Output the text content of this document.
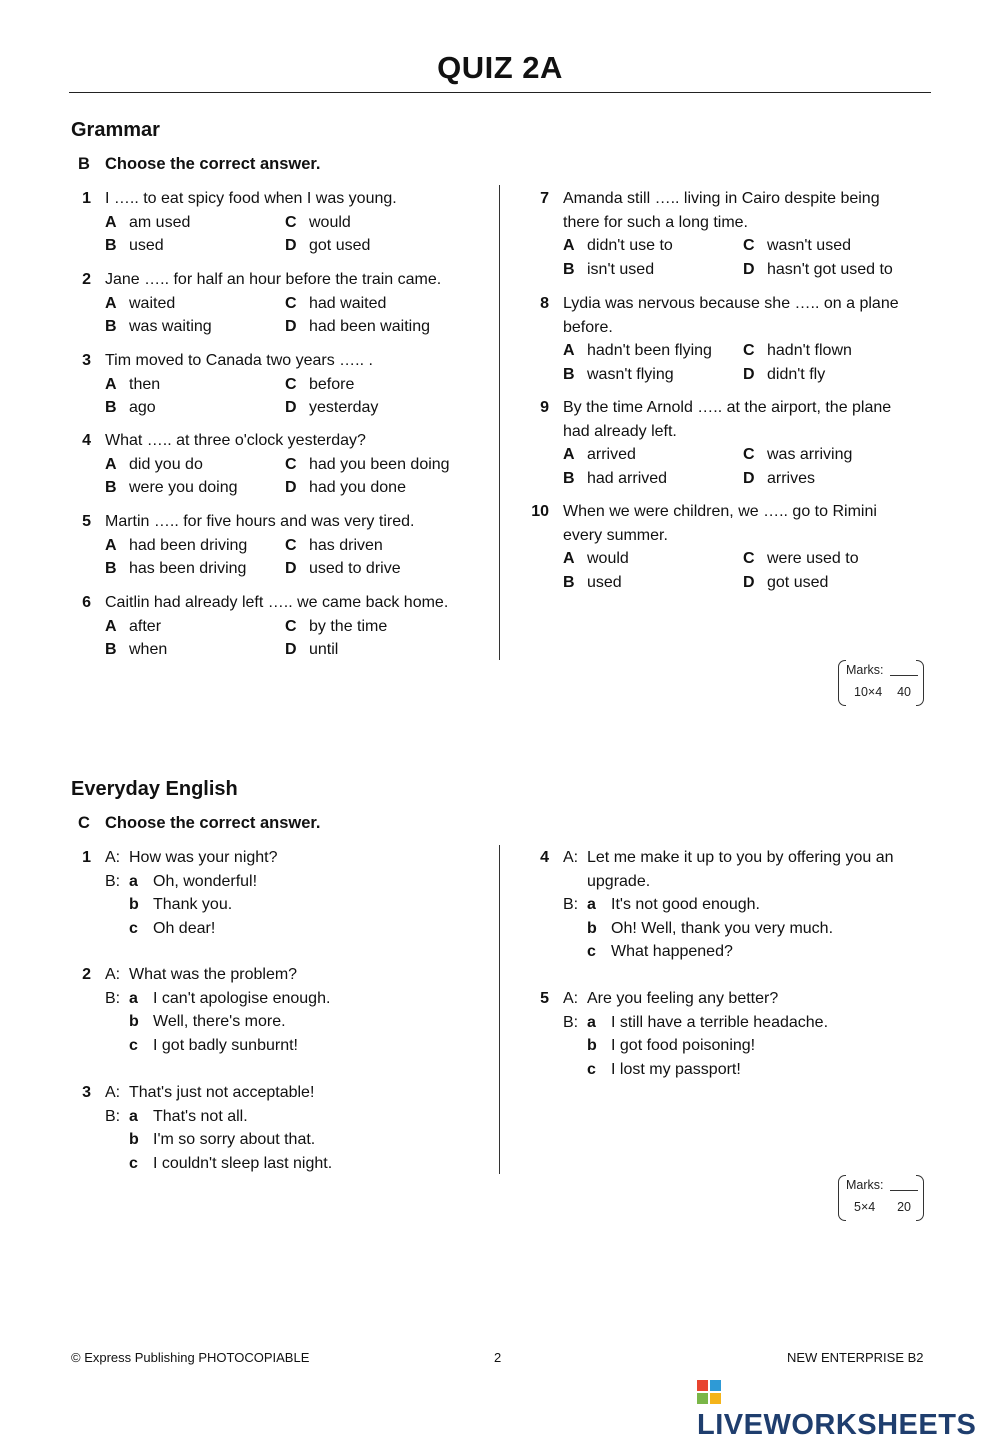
QUIZ 2A
Grammar
B Choose the correct answer.
1 I ….. to eat spicy food when I was young.
A am used	C would
B used	D got used
2 Jane ….. for half an hour before the train came.
A waited	C had waited
B was waiting	D had been waiting
3 Tim moved to Canada two years ….. .
A then	C before
B ago	D yesterday
4 What ….. at three o'clock yesterday?
A did you do	C had you been doing
B were you doing	D had you done
5 Martin ….. for five hours and was very tired.
A had been driving C has driven
B has been driving D used to drive
6 Caitlin had already left ….. we came back home.
A after	C by the time
B when	D until
7 Amanda still ….. living in Cairo despite being
there for such a long time.
A didn't use to	C wasn't used
B isn't used	D hasn't got used to
8 Lydia was nervous because she ….. on a plane
before.
A hadn't been flying C hadn't flown
B wasn't flying	D didn't fly
9 By the time Arnold ….. at the airport, the plane
had already left.
A arrived	C was arriving
B had arrived	D arrives
10 When we were children, we ….. go to Rimini
every summer.
A would	C were used to
B used	D got used
Marks:
10×4 40
Everyday English
C Choose the correct answer.
1 A: How was your night?
B: a Oh, wonderful!
b Thank you.
c Oh dear!
2 A: What was the problem?
B: a I can't apologise enough.
b Well, there's more.
c I got badly sunburnt!
3 A: That's just not acceptable!
B: a That's not all.
b I'm so sorry about that.
c I couldn't sleep last night.
4 A: Let me make it up to you by offering you an
upgrade.
B: a It's not good enough.
b Oh! Well, thank you very much.
c What happened?
5 A: Are you feeling any better?
B: a I still have a terrible headache.
b I got food poisoning!
c I lost my passport!
Marks:
5×4 20
© Express Publishing PHOTOCOPIABLE	2	NEW ENTERPRISE B2
LIVEWORKSHEETS
